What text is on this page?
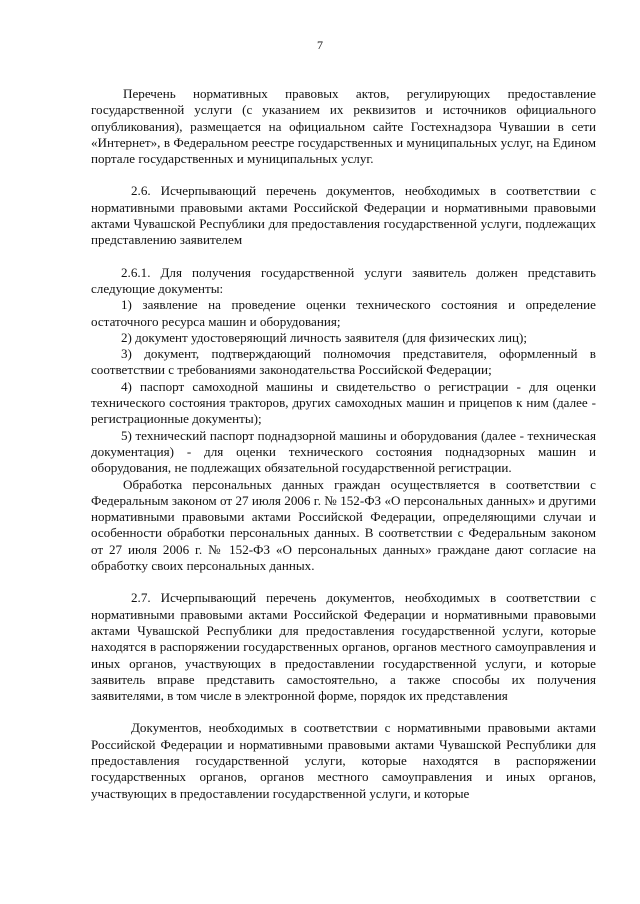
7

Перечень нормативных правовых актов, регулирующих предоставление государственной услуги (с указанием их реквизитов и источников официального опубликования), размещается на официальном сайте Гостехнадзора Чувашии в сети «Интернет», в Федеральном реестре государственных и муниципальных услуг, на Едином портале государственных и муниципальных услуг.

2.6. Исчерпывающий перечень документов, необходимых в соответствии с нормативными правовыми актами Российской Федерации и нормативными правовыми актами Чувашской Республики для предоставления государственной услуги, подлежащих представлению заявителем

2.6.1. Для получения государственной услуги заявитель должен представить следующие документы:

1) заявление на проведение оценки технического состояния и определение остаточного ресурса машин и оборудования;

2) документ удостоверяющий личность заявителя (для физических лиц);

3) документ, подтверждающий полномочия представителя, оформленный в соответствии с требованиями законодательства Российской Федерации;

4) паспорт самоходной машины и свидетельство о регистрации - для оценки технического состояния тракторов, других самоходных машин и прицепов к ним (далее - регистрационные документы);

5) технический паспорт поднадзорной машины и оборудования (далее - техническая документация) - для оценки технического состояния поднадзорных машин и оборудования, не подлежащих обязательной государственной регистрации.

Обработка персональных данных граждан осуществляется в соответствии с Федеральным законом от 27 июля 2006 г. № 152-ФЗ «О персональных данных» и другими нормативными правовыми актами Российской Федерации, определяющими случаи и особенности обработки персональных данных. В соответствии с Федеральным законом от 27 июля 2006 г. № 152-ФЗ «О персональных данных» граждане дают согласие на обработку своих персональных данных.

2.7. Исчерпывающий перечень документов, необходимых в соответствии с нормативными правовыми актами Российской Федерации и нормативными правовыми актами Чувашской Республики для предоставления государственной услуги, которые находятся в распоряжении государственных органов, органов местного самоуправления и иных органов, участвующих в предоставлении государственной услуги, и которые заявитель вправе представить самостоятельно, а также способы их получения заявителями, в том числе в электронной форме, порядок их представления

Документов, необходимых в соответствии с нормативными правовыми актами Российской Федерации и нормативными правовыми актами Чувашской Республики для предоставления государственной услуги, которые находятся в распоряжении государственных органов, органов местного самоуправления и иных органов, участвующих в предоставлении государственной услуги, и которые
